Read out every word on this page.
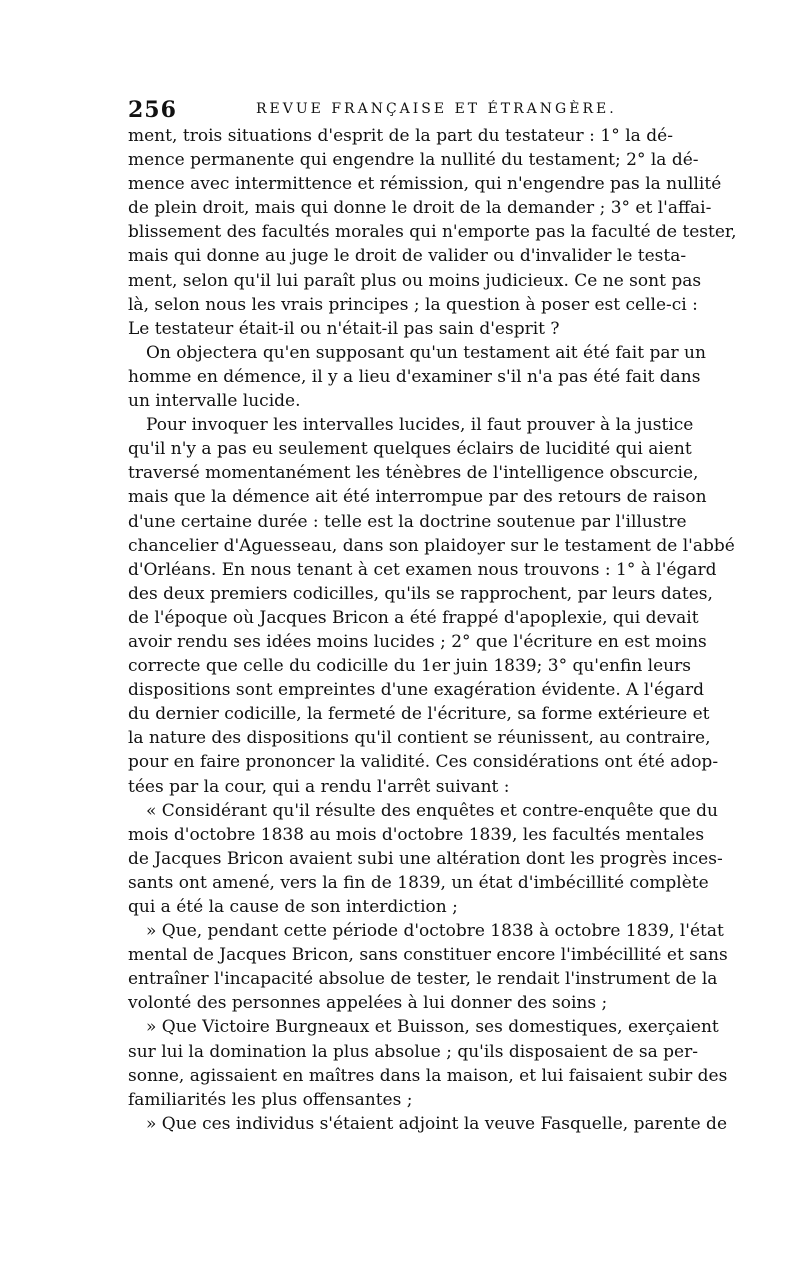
256	REVUE FRANÇAISE ET ÉTRANGÈRE.
ment, trois situations d'esprit de la part du testateur : 1° la dé-
mence permanente qui engendre la nullité du testament; 2° la dé-
mence avec intermittence et rémission, qui n'engendre pas la nullité
de plein droit, mais qui donne le droit de la demander ; 3° et l'affai-
blissement des facultés morales qui n'emporte pas la faculté de tester,
mais qui donne au juge le droit de valider ou d'invalider le testa-
ment, selon qu'il lui paraît plus ou moins judicieux. Ce ne sont pas
là, selon nous les vrais principes ; la question à poser est celle-ci :
Le testateur était-il ou n'était-il pas sain d'esprit ?
On objectera qu'en supposant qu'un testament ait été fait par un
homme en démence, il y a lieu d'examiner s'il n'a pas été fait dans
un intervalle lucide.
Pour invoquer les intervalles lucides, il faut prouver à la justice
qu'il n'y a pas eu seulement quelques éclairs de lucidité qui aient
traversé momentanément les ténèbres de l'intelligence obscurcie,
mais que la démence ait été interrompue par des retours de raison
d'une certaine durée : telle est la doctrine soutenue par l'illustre
chancelier d'Aguesseau, dans son plaidoyer sur le testament de l'abbé
d'Orléans. En nous tenant à cet examen nous trouvons : 1° à l'égard
des deux premiers codicilles, qu'ils se rapprochent, par leurs dates,
de l'époque où Jacques Bricon a été frappé d'apoplexie, qui devait
avoir rendu ses idées moins lucides ; 2° que l'écriture en est moins
correcte que celle du codicille du 1er juin 1839; 3° qu'enfin leurs
dispositions sont empreintes d'une exagération évidente. A l'égard
du dernier codicille, la fermeté de l'écriture, sa forme extérieure et
la nature des dispositions qu'il contient se réunissent, au contraire,
pour en faire prononcer la validité. Ces considérations ont été adop-
tées par la cour, qui a rendu l'arrêt suivant :
« Considérant qu'il résulte des enquêtes et contre-enquête que du
mois d'octobre 1838 au mois d'octobre 1839, les facultés mentales
de Jacques Bricon avaient subi une altération dont les progrès inces-
sants ont amené, vers la fin de 1839, un état d'imbécillité complète
qui a été la cause de son interdiction ;
» Que, pendant cette période d'octobre 1838 à octobre 1839, l'état
mental de Jacques Bricon, sans constituer encore l'imbécillité et sans
entraîner l'incapacité absolue de tester, le rendait l'instrument de la
volonté des personnes appelées à lui donner des soins ;
» Que Victoire Burgneaux et Buisson, ses domestiques, exerçaient
sur lui la domination la plus absolue ; qu'ils disposaient de sa per-
sonne, agissaient en maîtres dans la maison, et lui faisaient subir des
familiarités les plus offensantes ;
» Que ces individus s'étaient adjoint la veuve Fasquelle, parente de
